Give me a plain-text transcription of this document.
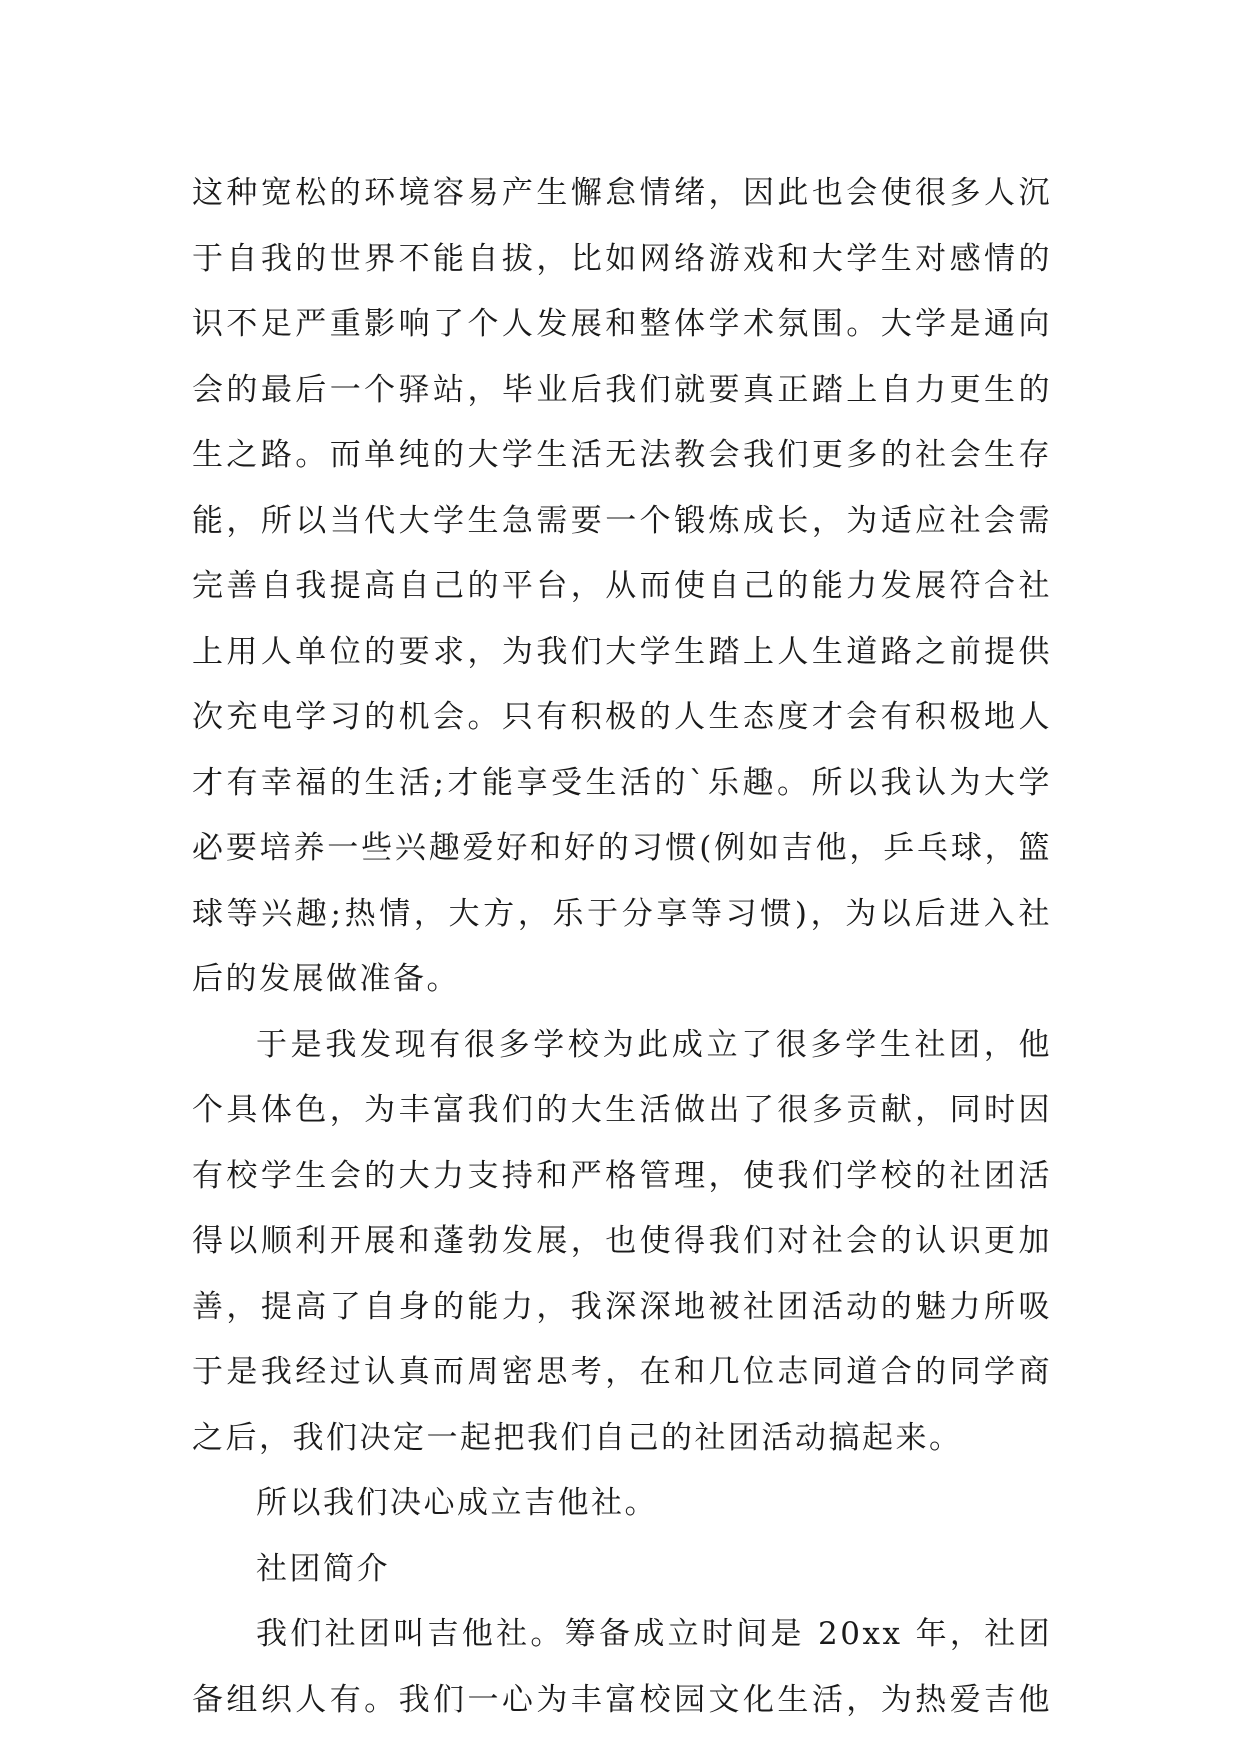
这种宽松的环境容易产生懈怠情绪，因此也会使很多人沉
于自我的世界不能自拔，比如网络游戏和大学生对感情的
识不足严重影响了个人发展和整体学术氛围。大学是通向
会的最后一个驿站，毕业后我们就要真正踏上自力更生的
生之路。而单纯的大学生活无法教会我们更多的社会生存
能，所以当代大学生急需要一个锻炼成长，为适应社会需
完善自我提高自己的平台，从而使自己的能力发展符合社
上用人单位的要求，为我们大学生踏上人生道路之前提供
次充电学习的机会。只有积极的人生态度才会有积极地人
才有幸福的生活;才能享受生活的`乐趣。所以我认为大学
必要培养一些兴趣爱好和好的习惯(例如吉他，乒乓球，篮
球等兴趣;热情，大方，乐于分享等习惯)，为以后进入社
后的发展做准备。
于是我发现有很多学校为此成立了很多学生社团，他
个具体色，为丰富我们的大生活做出了很多贡献，同时因
有校学生会的大力支持和严格管理，使我们学校的社团活
得以顺利开展和蓬勃发展，也使得我们对社会的认识更加
善，提高了自身的能力，我深深地被社团活动的魅力所吸
于是我经过认真而周密思考，在和几位志同道合的同学商
之后，我们决定一起把我们自己的社团活动搞起来。
所以我们决心成立吉他社。
社团简介
我们社团叫吉他社。筹备成立时间是 20xx 年，社团
备组织人有。我们一心为丰富校园文化生活，为热爱吉他
